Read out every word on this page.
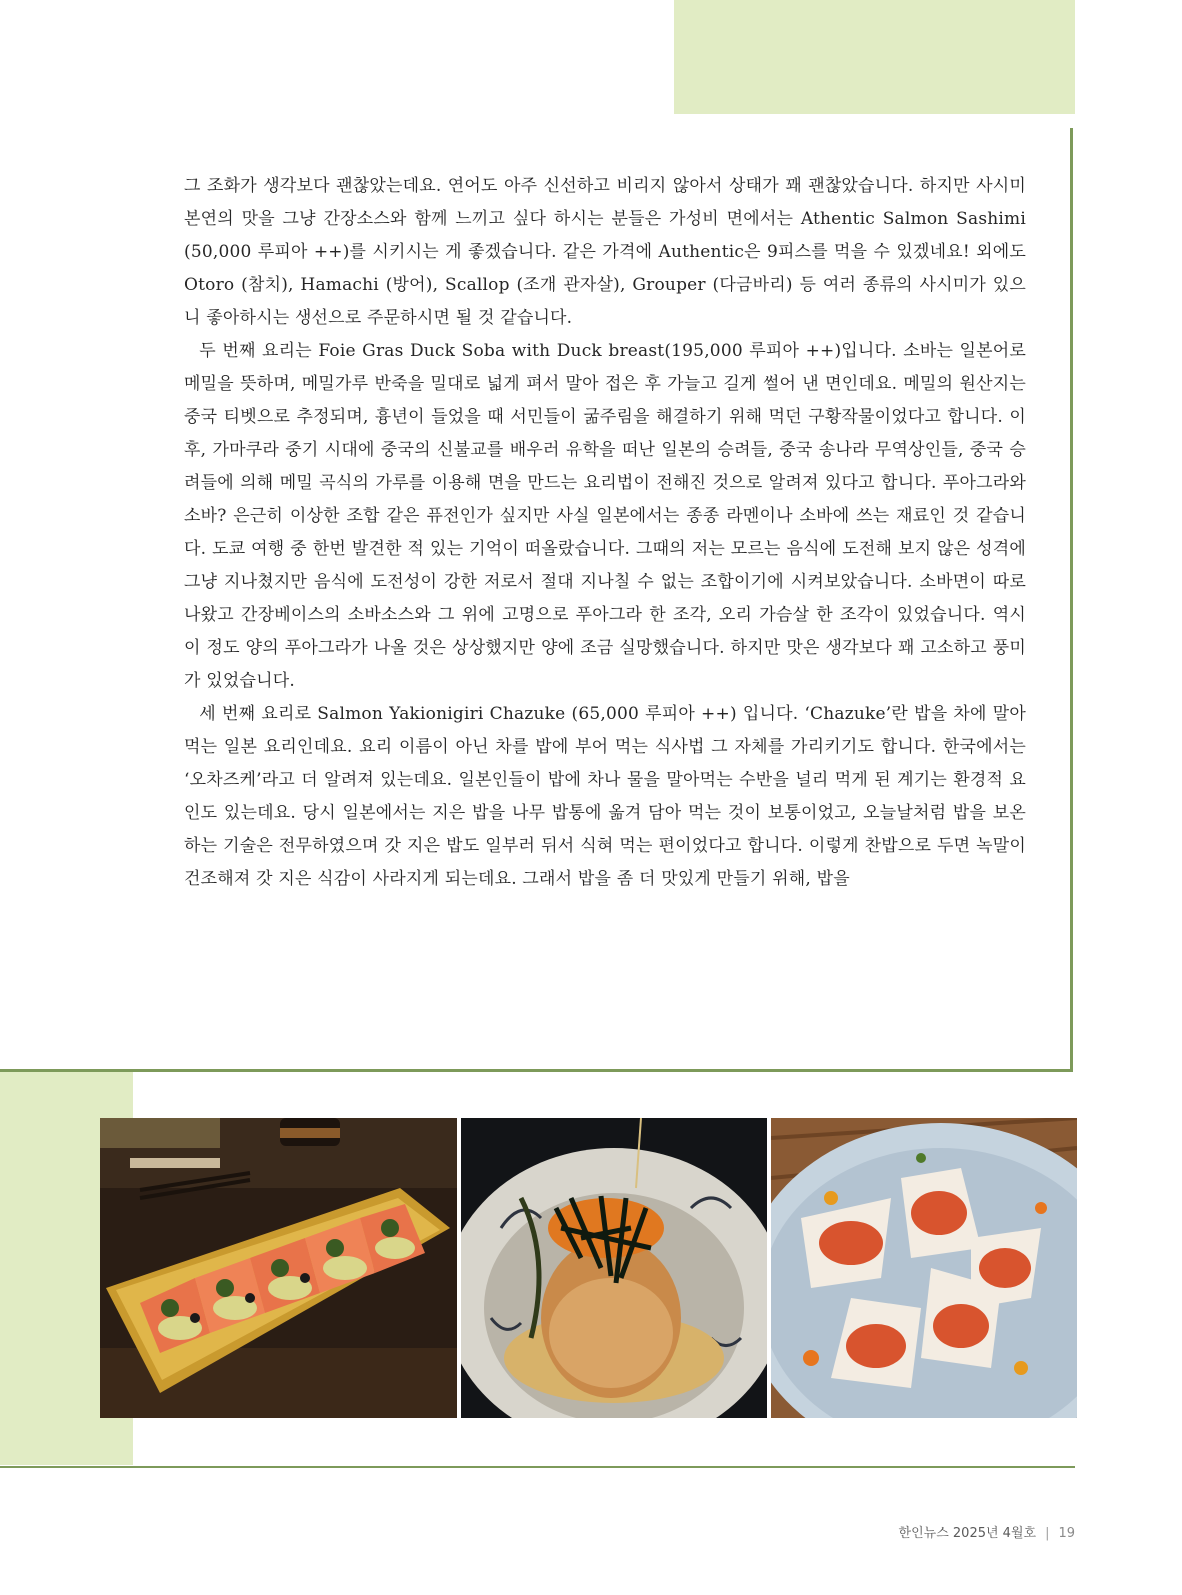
그 조화가 생각보다 괜찮았는데요. 연어도 아주 신선하고 비리지 않아서 상태가 꽤 괜찮았습니다. 하지만 사시미 본연의 맛을 그냥 간장소스와 함께 느끼고 싶다 하시는 분들은 가성비 면에서는 Athentic Salmon Sashimi (50,000 루피아 ++)를 시키시는 게 좋겠습니다. 같은 가격에 Authentic은 9피스를 먹을 수 있겠네요! 외에도 Otoro (참치), Hamachi (방어), Scallop (조개 관자살), Grouper (다금바리) 등 여러 종류의 사시미가 있으니 좋아하시는 생선으로 주문하시면 될 것 같습니다.

두 번째 요리는 Foie Gras Duck Soba with Duck breast(195,000 루피아 ++)입니다. 소바는 일본어로 메밀을 뜻하며, 메밀가루 반죽을 밀대로 넓게 펴서 말아 접은 후 가늘고 길게 썰어 낸 면인데요. 메밀의 원산지는 중국 티벳으로 추정되며, 흉년이 들었을 때 서민들이 굶주림을 해결하기 위해 먹던 구황작물이었다고 합니다. 이후, 가마쿠라 중기 시대에 중국의 신불교를 배우러 유학을 떠난 일본의 승려들, 중국 송나라 무역상인들, 중국 승려들에 의해 메밀 곡식의 가루를 이용해 면을 만드는 요리법이 전해진 것으로 알려져 있다고 합니다. 푸아그라와 소바? 은근히 이상한 조합 같은 퓨전인가 싶지만 사실 일본에서는 종종 라멘이나 소바에 쓰는 재료인 것 같습니다. 도쿄 여행 중 한번 발견한 적 있는 기억이 떠올랐습니다. 그때의 저는 모르는 음식에 도전해 보지 않은 성격에 그냥 지나쳤지만 음식에 도전성이 강한 저로서 절대 지나칠 수 없는 조합이기에 시켜보았습니다. 소바면이 따로 나왔고 간장베이스의 소바소스와 그 위에 고명으로 푸아그라 한 조각, 오리 가슴살 한 조각이 있었습니다. 역시 이 정도 양의 푸아그라가 나올 것은 상상했지만 양에 조금 실망했습니다. 하지만 맛은 생각보다 꽤 고소하고 풍미가 있었습니다.

세 번째 요리로 Salmon Yakionigiri Chazuke (65,000 루피아 ++) 입니다. ‘Chazuke’란 밥을 차에 말아먹는 일본 요리인데요. 요리 이름이 아닌 차를 밥에 부어 먹는 식사법 그 자체를 가리키기도 합니다. 한국에서는 ‘오차즈케’라고 더 알려져 있는데요. 일본인들이 밥에 차나 물을 말아먹는 수반을 널리 먹게 된 계기는 환경적 요인도 있는데요. 당시 일본에서는 지은 밥을 나무 밥통에 옮겨 담아 먹는 것이 보통이었고, 오늘날처럼 밥을 보온하는 기술은 전무하였으며 갓 지은 밥도 일부러 뒤서 식혀 먹는 편이었다고 합니다. 이렇게 찬밥으로 두면 녹말이 건조해져 갓 지은 식감이 사라지게 되는데요. 그래서 밥을 좀 더 맛있게 만들기 위해, 밥을

한인뉴스 2025년 4월호 | 19
